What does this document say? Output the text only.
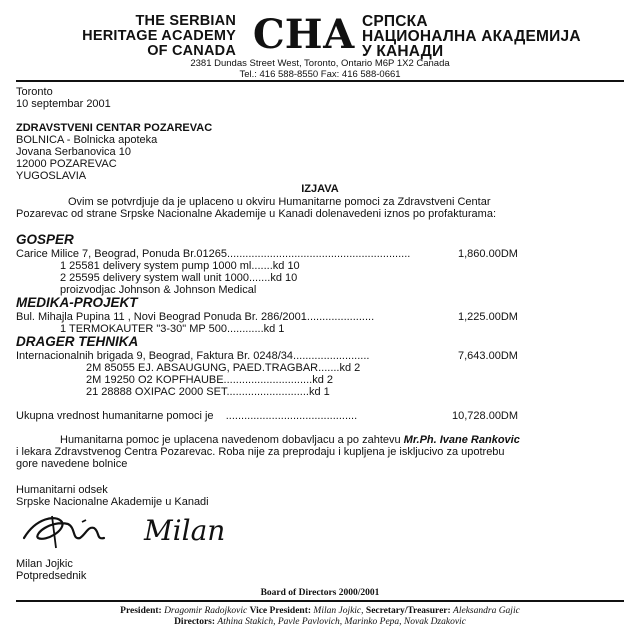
THE SERBIAN
HERITAGE ACADEMY
OF CANADA СНА СРПСКА
НАЦИОНАЛНА АКАДЕМИЈА
У КАНАДИ
2381 Dundas Street West, Toronto, Ontario M6P 1X2 Canada
Tel.: 416 588-8550 Fax: 416 588-0661
Toronto
10 septembar 2001
ZDRAVSTVENI CENTAR POZAREVAC
BOLNICA - Bolnicka apoteka
Jovana Serbanovica 10
12000 POZAREVAC
YUGOSLAVIA
IZJAVA
Ovim se potvrdjuje da je uplaceno u okviru Humanitarne pomoci za Zdravstveni Centar
Pozarevac od strane Srpske Nacionalne Akademije u Kanadi dolenavedeni iznos po profakturama:
GOSPER
Carice Milice 7, Beograd, Ponuda Br.01265............................................................	1,860.00DM
1 25581 delivery system pump 1000 ml.......kd 10
2 25595 delivery system wall unit 1000.......kd 10
proizvodjac Johnson & Johnson Medical
MEDIKA-PROJEKT
Bul. Mihajla Pupina 11 , Novi Beograd Ponuda Br. 286/2001......................	1,225.00DM
1 TERMOKAUTER "3-30" MP 500............kd 1
DRAGER TEHNIKA
Internacionalnih brigada 9, Beograd, Faktura Br. 0248/34.........................	7,643.00DM
2M 85055 EJ. ABSAUGUNG, PAED.TRAGBAR.......kd 2
2M 19250 O2 KOPFHAUBE.............................kd 2
21 28888 OXIPAC 2000 SET...........................kd 1
Ukupna vrednost humanitarne pomoci je ...........................................	10,728.00DM
Humanitarna pomoc je uplacena navedenom dobavljacu a po zahtevu Mr.Ph. Ivane Rankovic
i lekara Zdravstvenog Centra Pozarevac. Roba nije za preprodaju i kupljena je iskljucivo za upotrebu
gore navedene bolnice
Humanitarni odsek
Srpske Nacionalne Akademije u Kanadi
Milan
Milan Jojkic
Potpredsednik
Board of Directors 2000/2001
President: Dragomir Radojkovic Vice President: Milan Jojkic, Secretary/Treasurer: Aleksandra Gajic
Directors: Athina Stakich, Pavle Pavlovich, Marinko Pepa, Novak Dzakovic
